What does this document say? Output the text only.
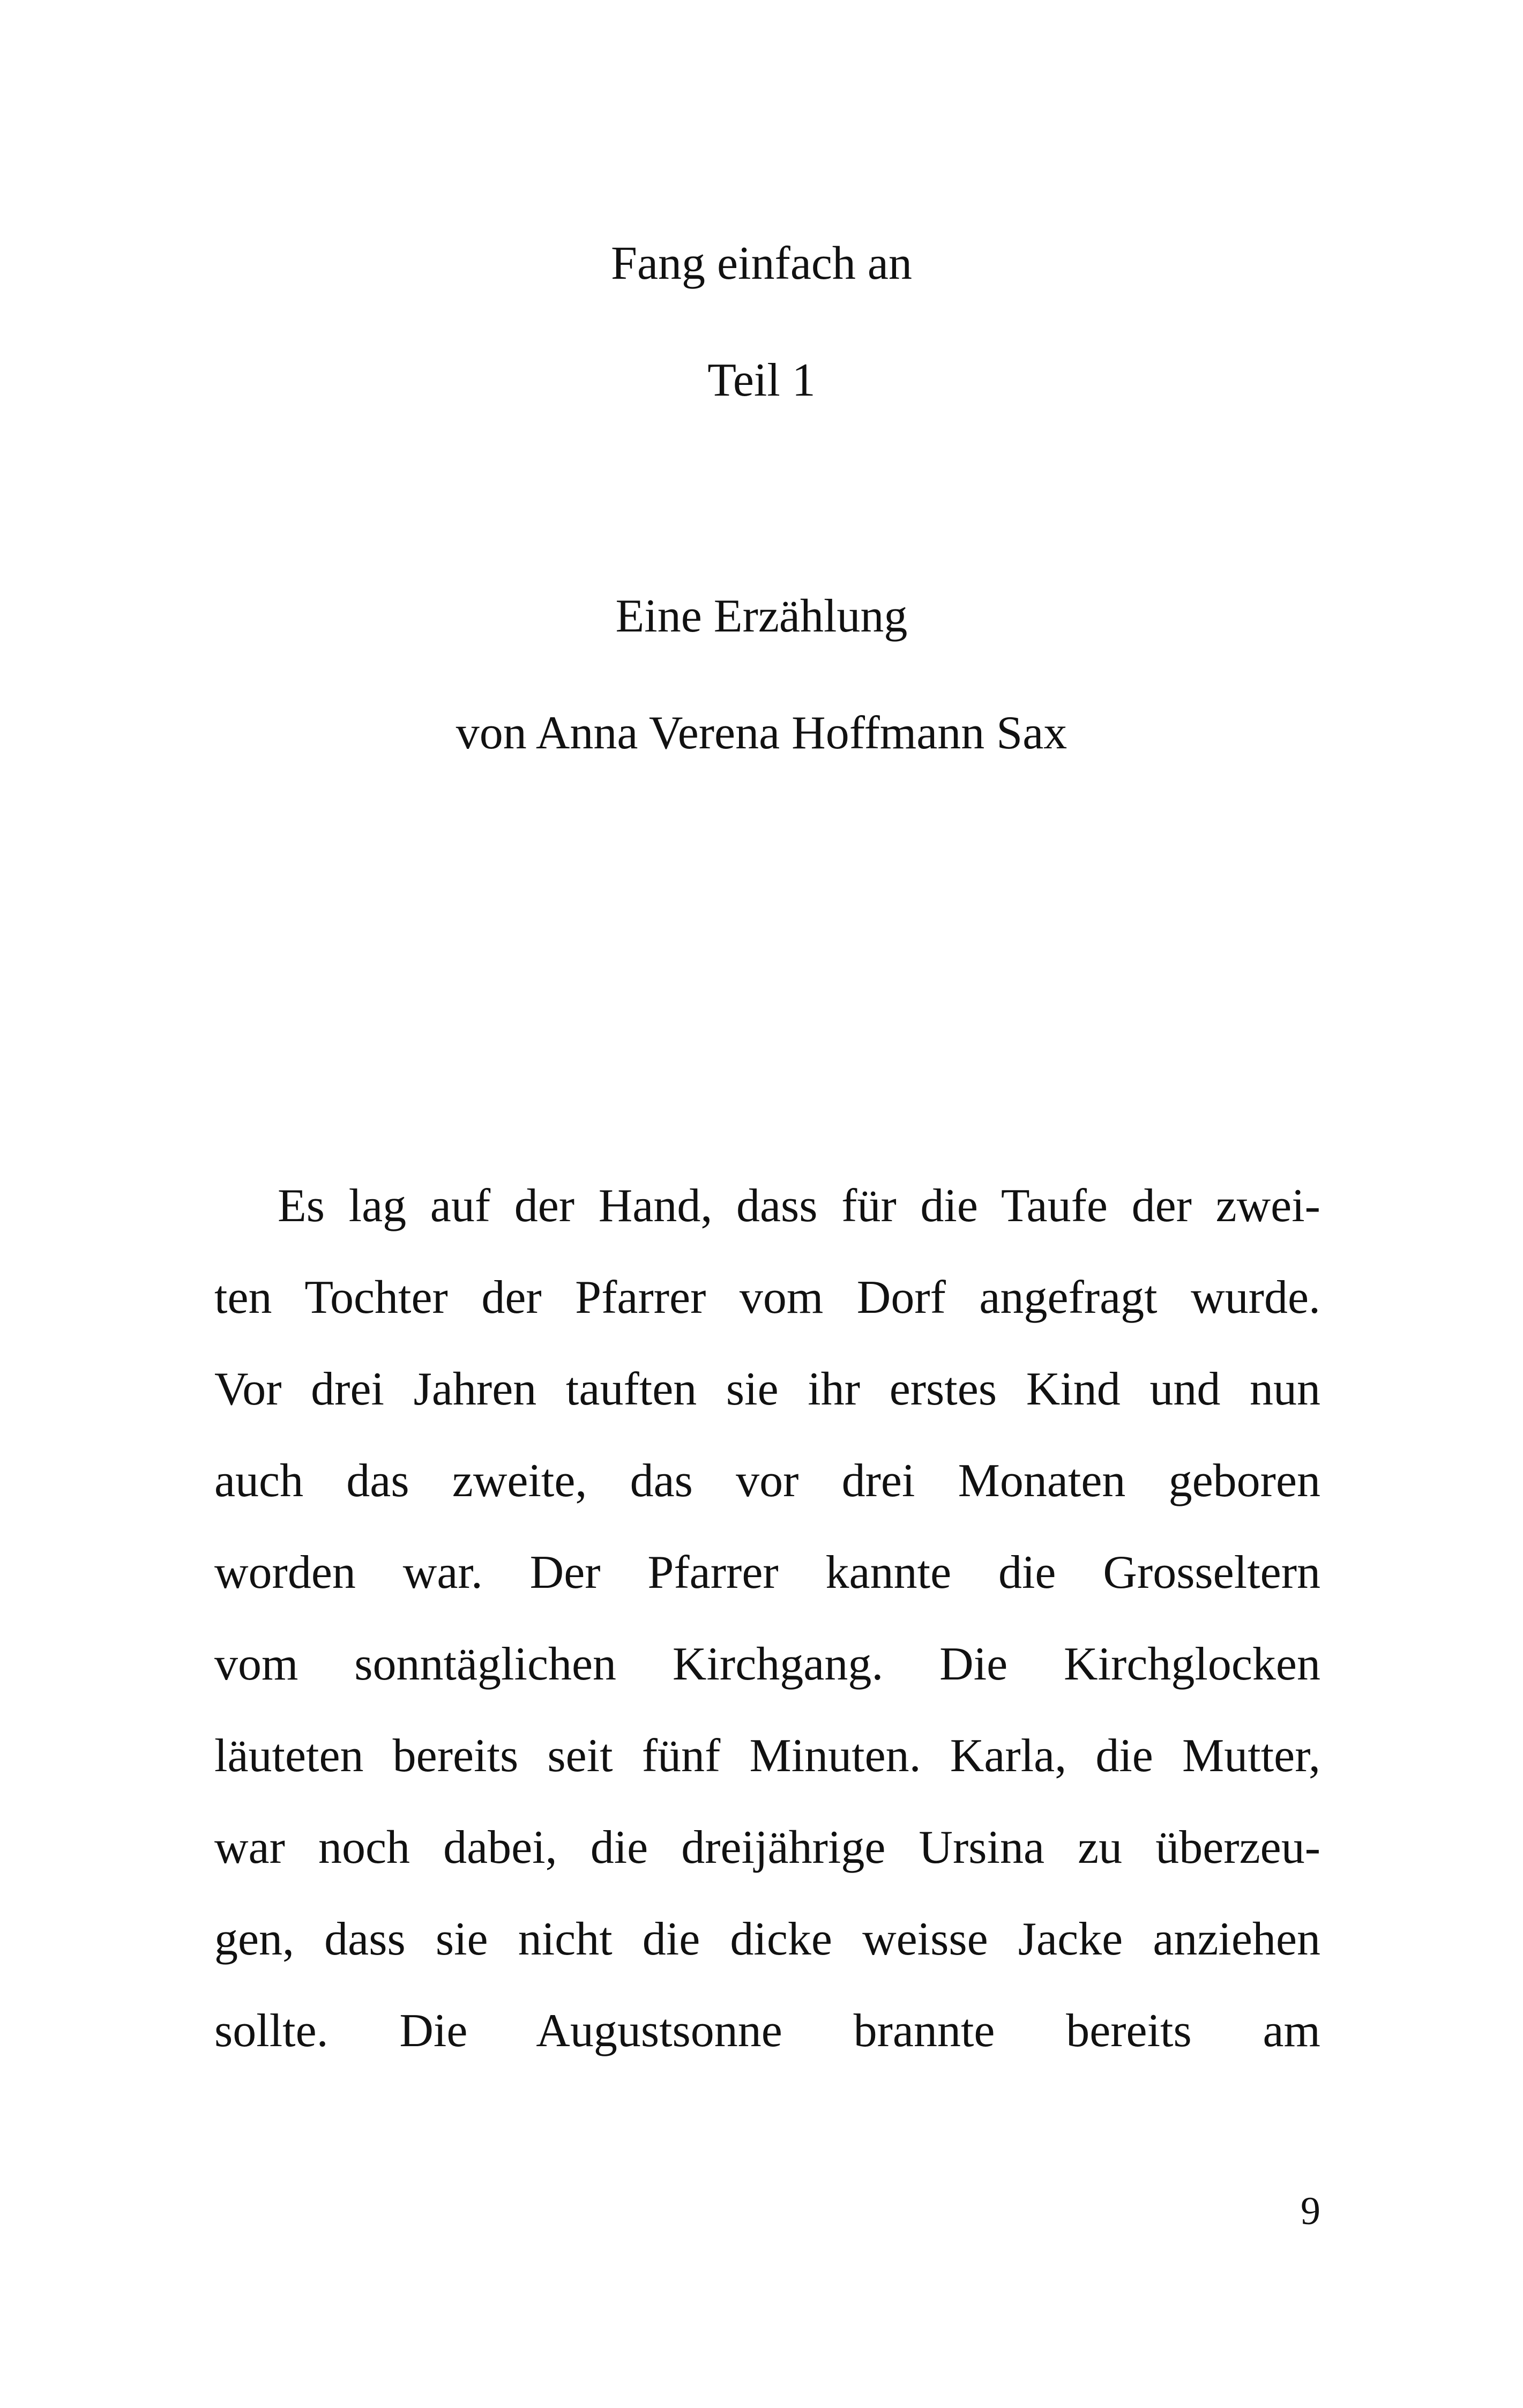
Fang einfach an
Teil 1
Eine Erzählung
von Anna Verena Hoffmann Sax
Es lag auf der Hand, dass für die Taufe der zwei-
ten Tochter der Pfarrer vom Dorf angefragt wurde.
Vor drei Jahren tauften sie ihr erstes Kind und nun
auch das zweite, das vor drei Monaten geboren
worden war. Der Pfarrer kannte die Grosseltern
vom sonntäglichen Kirchgang. Die Kirchglocken
läuteten bereits seit fünf Minuten. Karla, die Mutter,
war noch dabei, die dreijährige Ursina zu überzeu-
gen, dass sie nicht die dicke weisse Jacke anziehen
sollte. Die Augustsonne brannte bereits am
9
